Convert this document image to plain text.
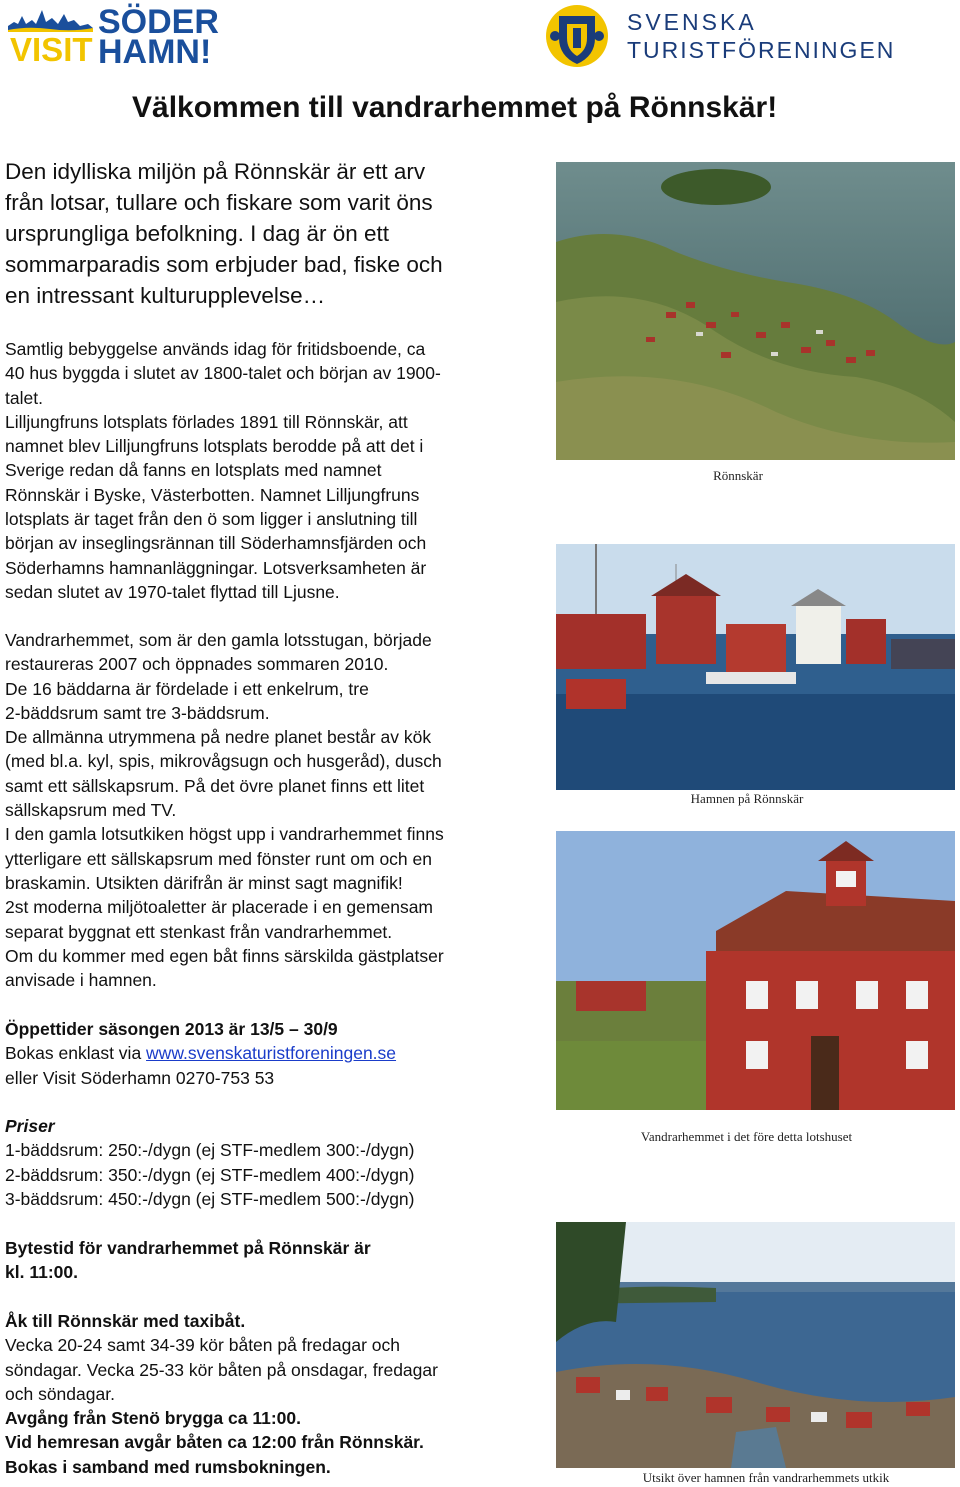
VISIT
SÖDER
HAMN!
SVENSKA
TURISTFÖRENINGEN
Välkommen till vandrarhemmet på Rönnskär!

Den idylliska miljön på Rönnskär är ett arv

från lotsar, tullare och fiskare som varit öns

ursprungliga befolkning. I dag är ön ett

sommarparadis som erbjuder bad, fiske och

en intressant kulturupplevelse…

Samtlig bebyggelse används idag för fritidsboende, ca

40 hus byggda i slutet av 1800-talet och början av 1900-

talet.

Lilljungfruns lotsplats förlades 1891 till Rönnskär, att

namnet blev Lilljungfruns lotsplats berodde på att det i

Sverige redan då fanns en lotsplats med namnet

Rönnskär i Byske, Västerbotten. Namnet Lilljungfruns

lotsplats är taget från den ö som ligger i anslutning till

början av inseglingsrännan till Söderhamnsfjärden och

Söderhamns hamnanläggningar. Lotsverksamheten är

sedan slutet av 1970-talet flyttad till Ljusne.

Vandrarhemmet, som är den gamla lotsstugan, började

restaureras 2007 och öppnades sommaren 2010.

De 16 bäddarna är fördelade i ett enkelrum, tre

2-bäddsrum samt tre 3-bäddsrum.

De allmänna utrymmena på nedre planet består av kök

(med bl.a. kyl, spis, mikrovågsugn och husgeråd), dusch

samt ett sällskapsrum. På det övre planet finns ett litet

sällskapsrum med TV.

I den gamla lotsutkiken högst upp i vandrarhemmet finns

ytterligare ett sällskapsrum med fönster runt om och en

braskamin. Utsikten därifrån är minst sagt magnifik!

2st moderna miljötoaletter är placerade i en gemensam

separat byggnat ett stenkast från vandrarhemmet.

Om du kommer med egen båt finns särskilda gästplatser

anvisade i hamnen.

Öppettider säsongen 2013 är 13/5 – 30/9

Bokas enklast via www.svenskaturistforeningen.se

eller Visit Söderhamn 0270-753 53

Priser

1-bäddsrum: 250:-/dygn (ej STF-medlem 300:-/dygn)

2-bäddsrum: 350:-/dygn (ej STF-medlem 400:-/dygn)

3-bäddsrum: 450:-/dygn (ej STF-medlem 500:-/dygn)

Bytestid för vandrarhemmet på Rönnskär är

kl. 11:00.

Åk till Rönnskär med taxibåt.

Vecka 20-24 samt 34-39 kör båten på fredagar och

söndagar. Vecka 25-33 kör båten på onsdagar, fredagar

och söndagar.

Avgång från Stenö brygga ca 11:00.

Vid hemresan avgår båten ca 12:00 från Rönnskär.

Bokas i samband med rumsbokningen.

Rönnskär
Hamnen på Rönnskär
Vandrarhemmet i det före detta lotshuset
Utsikt över hamnen från vandrarhemmets utkik
